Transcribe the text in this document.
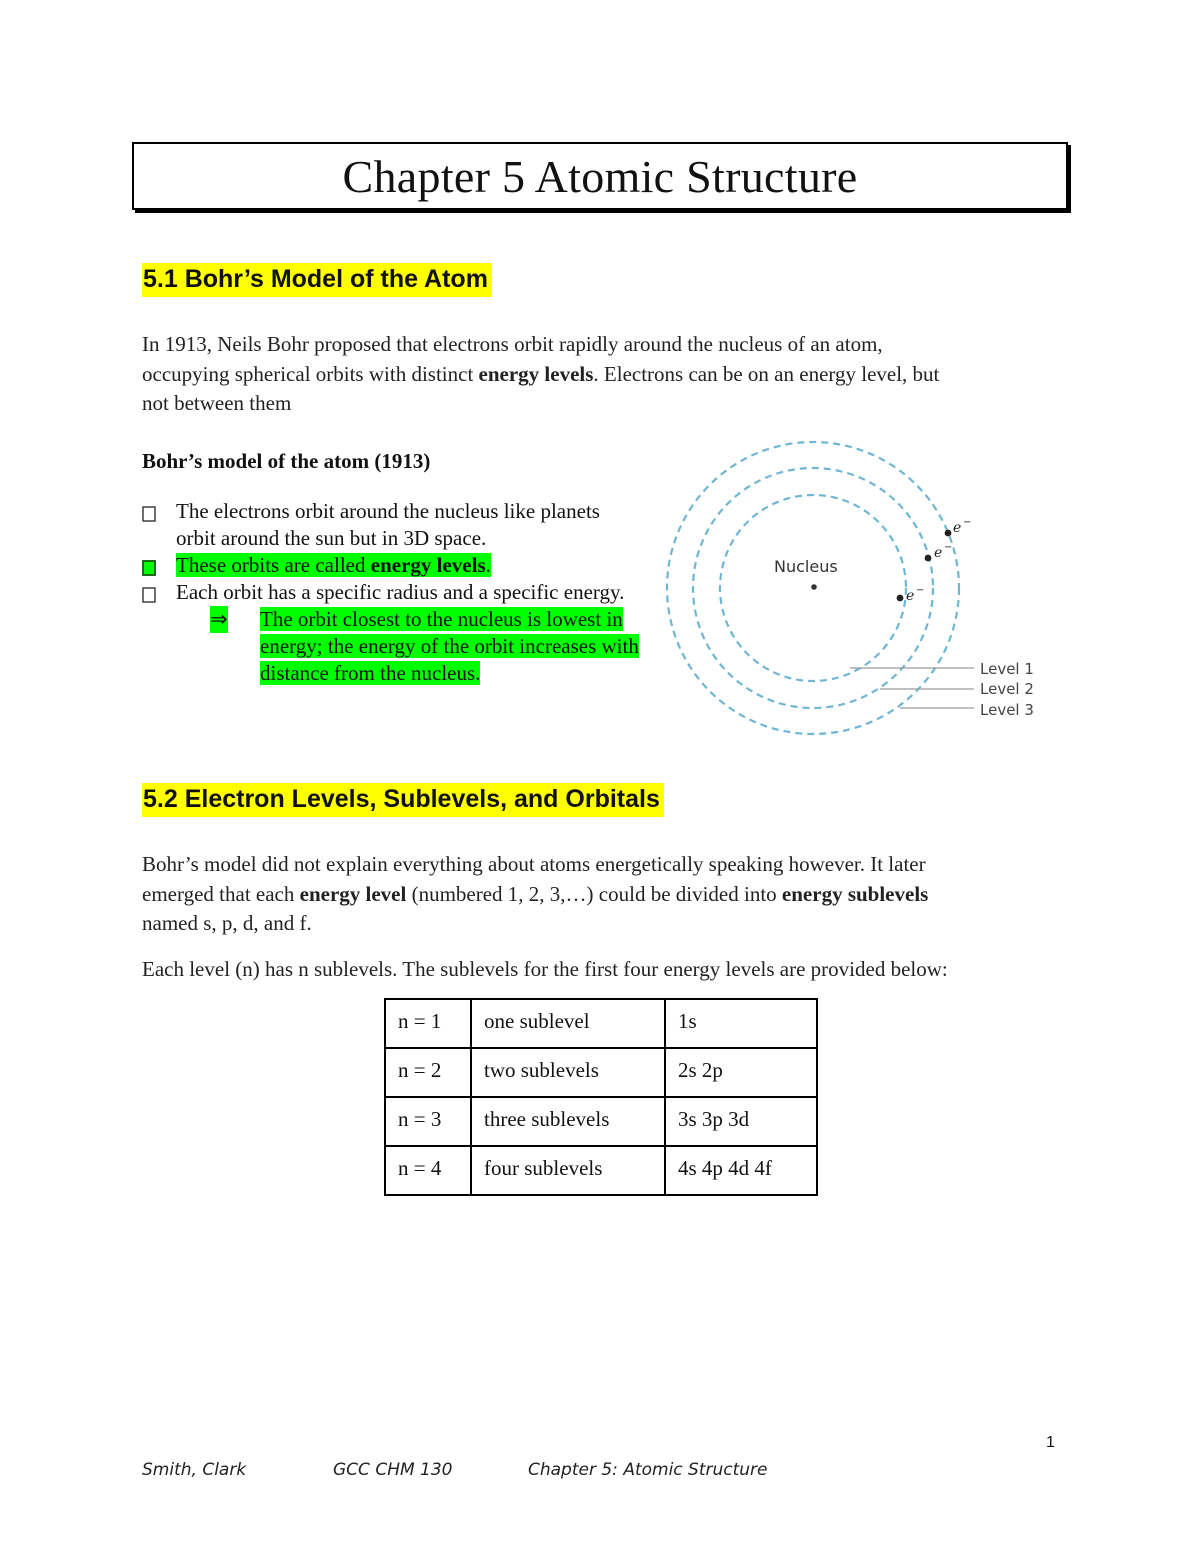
Chapter 5 Atomic Structure
5.1 Bohr’s Model of the Atom

In 1913, Neils Bohr proposed that electrons orbit rapidly around the nucleus of an atom,
occupying spherical orbits with distinct energy levels. Electrons can be on an energy level, but
not between them

Bohr’s model of the atom (1913)

The electrons orbit around the nucleus like planets orbit around the sun but in 3D space.
These orbits are called energy levels.
Each orbit has a specific radius and a specific energy.
⇒ The orbit closest to the nucleus is lowest in energy; the energy of the orbit increases with distance from the nucleus.
Nucleus
e −
e −
e −
Level 1
Level 2
Level 3
5.2 Electron Levels, Sublevels, and Orbitals

Bohr’s model did not explain everything about atoms energetically speaking however. It later
emerged that each energy level (numbered 1, 2, 3,…) could be divided into energy sublevels
named s, p, d, and f.

Each level (n) has n sublevels. The sublevels for the first four energy levels are provided below:

n = 1	one sublevel	1s
n = 2	two sublevels	2s 2p
n = 3	three sublevels	3s 3p 3d
n = 4	four sublevels	4s 4p 4d 4f
1
Smith, Clark	GCC CHM 130	Chapter 5: Atomic Structure
